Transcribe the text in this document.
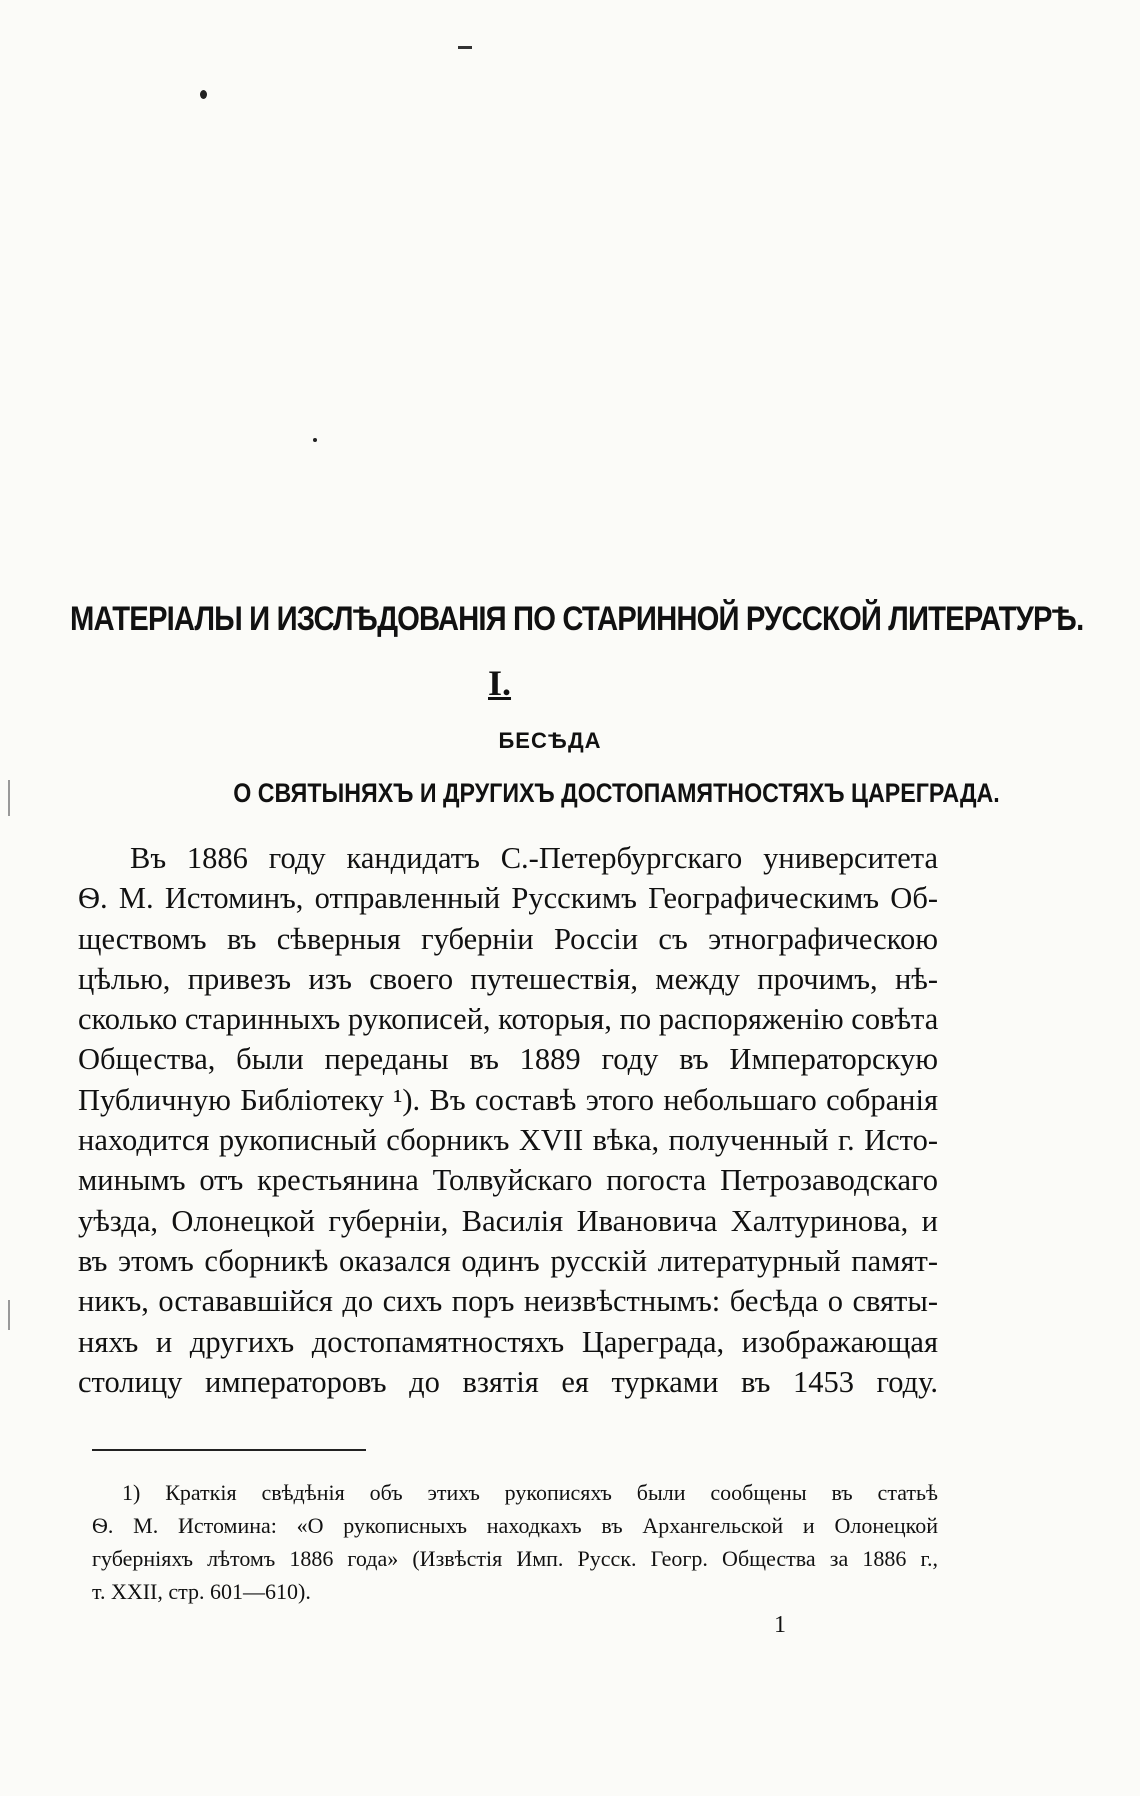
МАТЕРІАЛЫ И ИЗСЛѢДОВАНІЯ ПО СТАРИННОЙ РУССКОЙ ЛИТЕРАТУРѢ.
I.
БЕСѢДА
О СВЯТЫНЯХЪ И ДРУГИХЪ ДОСТОПАМЯТНОСТЯХЪ ЦАРЕГРАДА.
Въ 1886 году кандидатъ С.-Петербургскаго университета
Ѳ. М. Истоминъ, отправленный Русскимъ Географическимъ Об-
ществомъ въ сѣверныя губерніи Россіи съ этнографическою
цѣлью, привезъ изъ своего путешествія, между прочимъ, нѣ-
сколько старинныхъ рукописей, которыя, по распоряженію совѣта
Общества, были переданы въ 1889 году въ Императорскую
Публичную Библіотеку ¹). Въ составѣ этого небольшаго собранія
находится рукописный сборникъ XVII вѣка, полученный г. Исто-
минымъ отъ крестьянина Толвуйскаго погоста Петрозаводскаго
уѣзда, Олонецкой губерніи, Василія Ивановича Халтуринова, и
въ этомъ сборникѣ оказался одинъ русскій литературный памят-
никъ, остававшійся до сихъ поръ неизвѣстнымъ: бесѣда о святы-
няхъ и другихъ достопамятностяхъ Цареграда, изображающая
столицу императоровъ до взятія ея турками въ 1453 году.
1) Краткія свѣдѣнія объ этихъ рукописяхъ были сообщены въ статьѣ
Ѳ. М. Истомина: «О рукописныхъ находкахъ въ Архангельской и Олонецкой
губерніяхъ лѣтомъ 1886 года» (Извѣстія Имп. Русск. Геогр. Общества за 1886 г.,
т. XXII, стр. 601—610).
1
